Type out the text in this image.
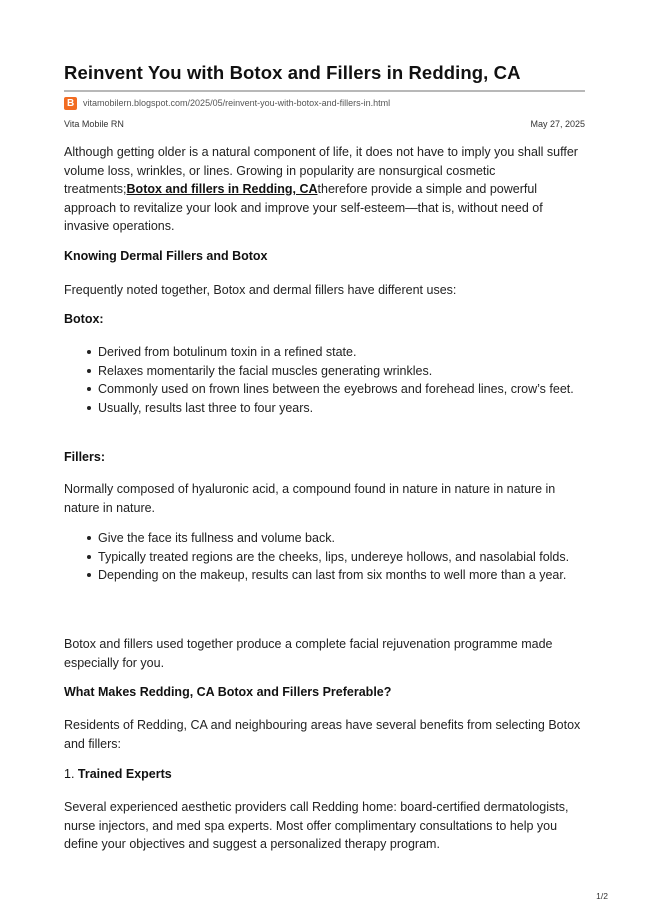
Reinvent You with Botox and Fillers in Redding, CA
B vitamobilern.blogspot.com/2025/05/reinvent-you-with-botox-and-fillers-in.html
Vita Mobile RN	May 27, 2025
Although getting older is a natural component of life, it does not have to imply you shall suffer volume loss, wrinkles, or lines. Growing in popularity are nonsurgical cosmetic treatments;Botox and fillers in Redding, CAtherefore provide a simple and powerful approach to revitalize your look and improve your self-esteem—that is, without need of invasive operations.
Knowing Dermal Fillers and Botox
Frequently noted together, Botox and dermal fillers have different uses:
Botox:
Derived from botulinum toxin in a refined state.
Relaxes momentarily the facial muscles generating wrinkles.
Commonly used on frown lines between the eyebrows and forehead lines, crow’s feet.
Usually, results last three to four years.
Fillers:
Normally composed of hyaluronic acid, a compound found in nature in nature in nature in nature in nature.
Give the face its fullness and volume back.
Typically treated regions are the cheeks, lips, undereye hollows, and nasolabial folds.
Depending on the makeup, results can last from six months to well more than a year.
Botox and fillers used together produce a complete facial rejuvenation programme made especially for you.
What Makes Redding, CA Botox and Fillers Preferable?
Residents of Redding, CA and neighbouring areas have several benefits from selecting Botox and fillers:
1. Trained Experts
Several experienced aesthetic providers call Redding home: board-certified dermatologists, nurse injectors, and med spa experts. Most offer complimentary consultations to help you define your objectives and suggest a personalized therapy program.
1/2
